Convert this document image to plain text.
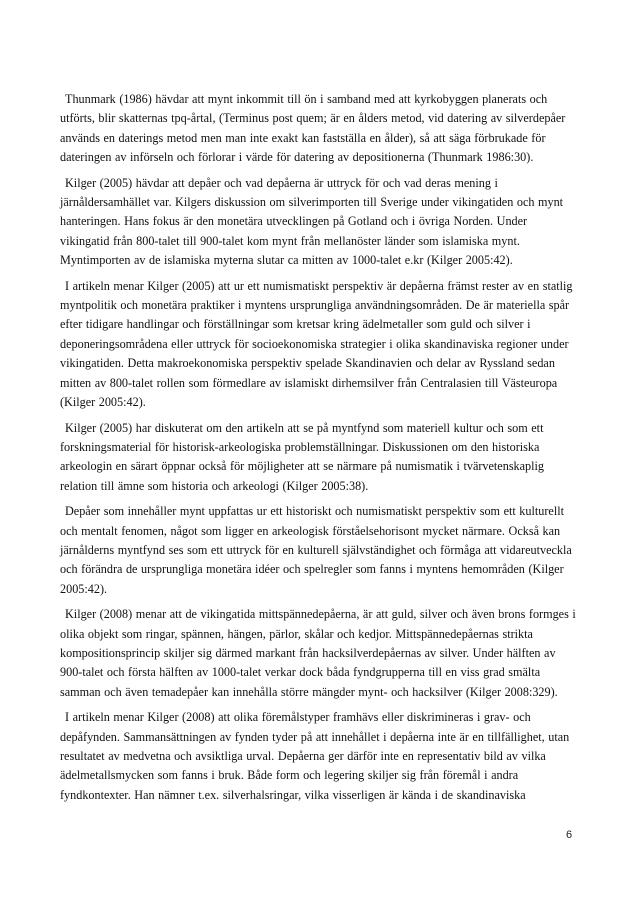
Thunmark (1986) hävdar att mynt inkommit till ön i samband med att kyrkobyggen planerats och utförts, blir skatternas tpq-årtal, (Terminus post quem; är en ålders metod, vid datering av silverdepåer används en daterings metod men man inte exakt kan fastställa en ålder), så att säga förbrukade för dateringen av införseln och förlorar i värde för datering av depositionerna (Thunmark 1986:30).

Kilger (2005) hävdar att depåer och vad depåerna är uttryck för och vad deras mening i järnåldersamhället var. Kilgers diskussion om silverimporten till Sverige under vikingatiden och mynt hanteringen. Hans fokus är den monetära utvecklingen på Gotland och i övriga Norden. Under vikingatid från 800-talet till 900-talet kom mynt från mellanöster länder som islamiska mynt. Myntimporten av de islamiska myterna slutar ca mitten av 1000-talet e.kr (Kilger 2005:42).

I artikeln menar Kilger (2005) att ur ett numismatiskt perspektiv är depåerna främst rester av en statlig myntpolitik och monetära praktiker i myntens ursprungliga användningsområden. De är materiella spår efter tidigare handlingar och förställningar som kretsar kring ädelmetaller som guld och silver i deponeringsområdena eller uttryck för socioekonomiska strategier i olika skandinaviska regioner under vikingatiden. Detta makroekonomiska perspektiv spelade Skandinavien och delar av Ryssland sedan mitten av 800-talet rollen som förmedlare av islamiskt dirhemsilver från Centralasien till Västeuropa (Kilger 2005:42).

Kilger (2005) har diskuterat om den artikeln att se på myntfynd som materiell kultur och som ett forskningsmaterial för historisk-arkeologiska problemställningar. Diskussionen om den historiska arkeologin en särart öppnar också för möjligheter att se närmare på numismatik i tvärvetenskaplig relation till ämne som historia och arkeologi (Kilger 2005:38).

Depåer som innehåller mynt uppfattas ur ett historiskt och numismatiskt perspektiv som ett kulturellt och mentalt fenomen, något som ligger en arkeologisk förståelsehorisont mycket närmare. Också kan järnålderns myntfynd ses som ett uttryck för en kulturell självständighet och förmåga att vidareutveckla och förändra de ursprungliga monetära idéer och spelregler som fanns i myntens hemområden (Kilger 2005:42).

Kilger (2008) menar att de vikingatida mittspännedepåerna, är att guld, silver och även brons formges i olika objekt som ringar, spännen, hängen, pärlor, skålar och kedjor. Mittspännedepåernas strikta kompositionsprincip skiljer sig därmed markant från hacksilverdepåernas av silver. Under hälften av 900-talet och första hälften av 1000-talet verkar dock båda fyndgrupperna till en viss grad smälta samman och även temadepåer kan innehålla större mängder mynt- och hacksilver (Kilger 2008:329).

I artikeln menar Kilger (2008) att olika föremålstyper framhävs eller diskrimineras i grav- och depåfynden. Sammansättningen av fynden tyder på att innehållet i depåerna inte är en tillfällighet, utan resultatet av medvetna och avsiktliga urval. Depåerna ger därför inte en representativ bild av vilka ädelmetallsmycken som fanns i bruk. Både form och legering skiljer sig från föremål i andra fyndkontexter. Han nämner t.ex. silverhalsringar, vilka visserligen är kända i de skandinaviska

6
